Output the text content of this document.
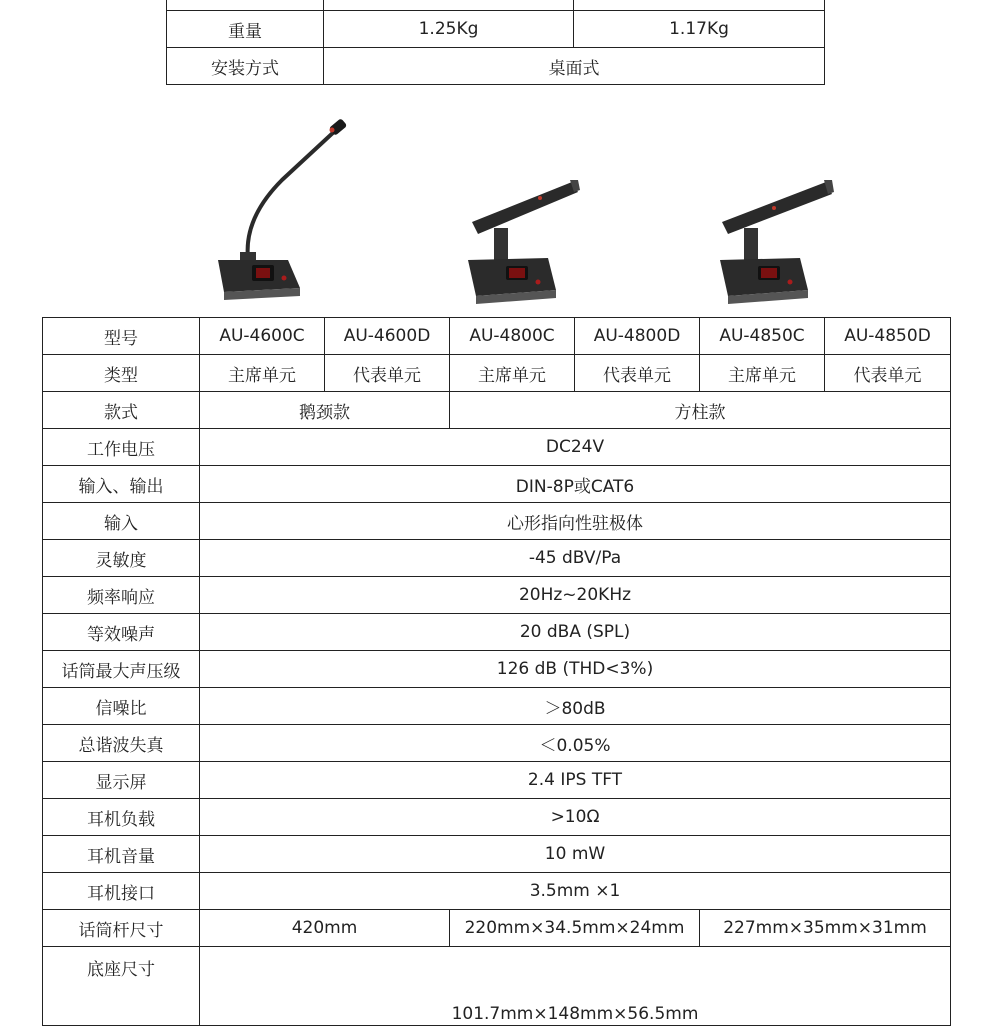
重量	1.25Kg	1.17Kg
安装方式	桌面式	
型号	AU-4600C	AU-4600D	AU-4800C	AU-4800D	AU-4850C	AU-4850D
类型	主席单元	代表单元	主席单元	代表单元	主席单元	代表单元
款式	鹅颈款		方柱款			
工作电压	DC24V					
输入、输出	DIN-8P或CAT6					
输入	心形指向性驻极体					
灵敏度	-45 dBV/Pa					
频率响应	20Hz~20KHz					
等效噪声	20 dBA (SPL)					
话筒最大声压级	126 dB (THD<3%)					
信噪比	＞80dB					
总谐波失真	＜0.05%					
显示屏	2.4 IPS TFT					
耳机负载	>10Ω					
耳机音量	10 mW					
耳机接口	3.5mm ×1					
话筒杆尺寸	420mm		220mm×34.5mm×24mm		227mm×35mm×31mm	
底座尺寸	101.7mm×148mm×56.5mm					
